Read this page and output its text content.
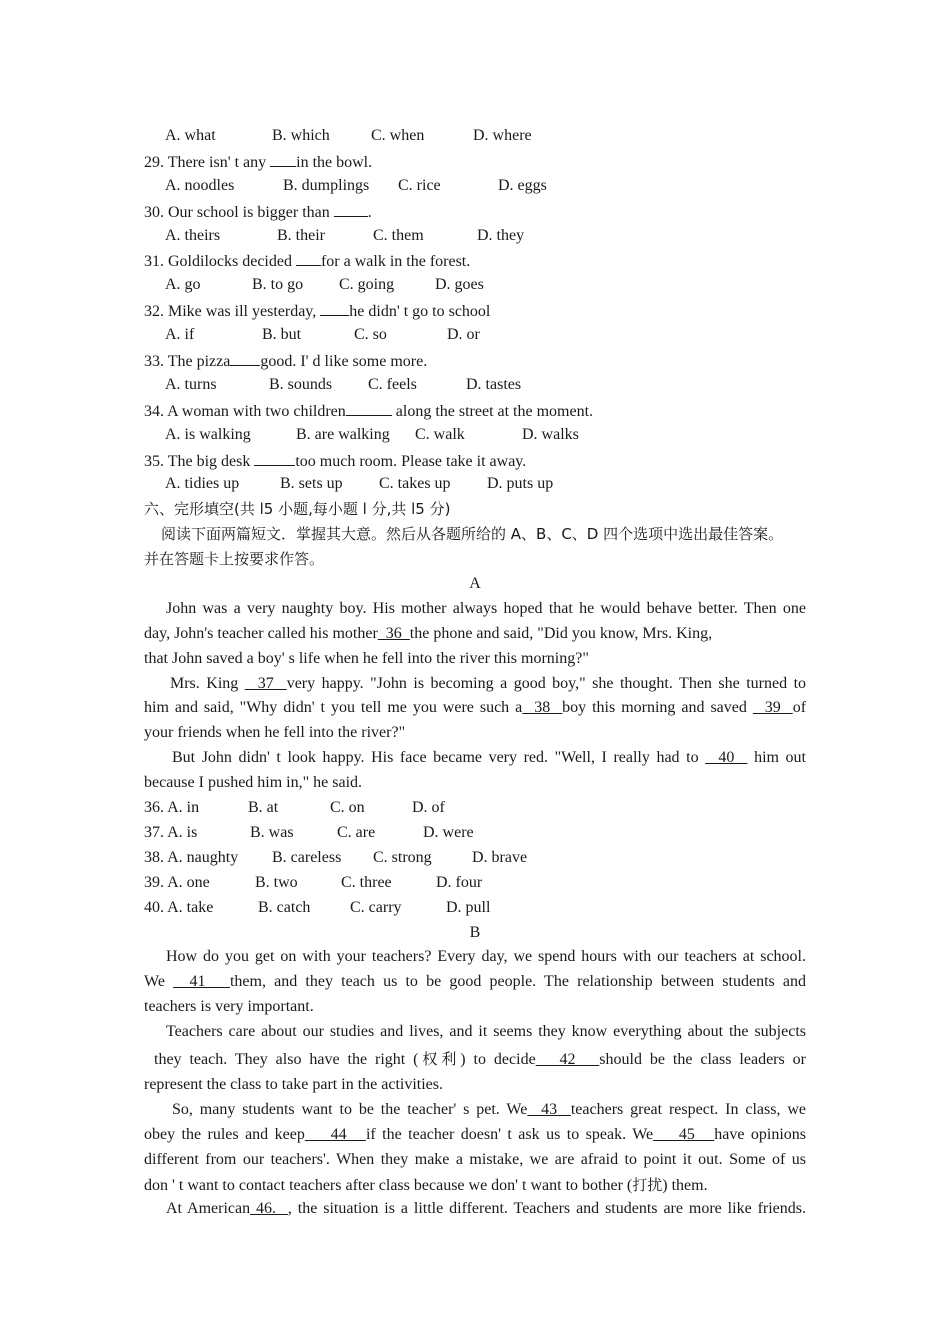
A. what	B. which	C. when	D. where
29. There isn' t any in the bowl.
A. noodles	B. dumplings C. rice	D. eggs
30. Our school is bigger than .
A. theirs	B. their	C. them	D. they
31. Goldilocks decided for a walk in the forest.
A. go	B. to go C. going	D. goes
32. Mike was ill yesterday, he didn' t go to school
A. if	B. but	C. so	D. or
33. The pizza good. I' d like some more.
A. turns	B. sounds C. feels	D. tastes
34. A woman with two children	along the street at the moment.
A. is walking	B. are walking C. walk	D. walks
35. The big desk	too much room. Please take it away.
A. tidies up	B. sets up C. takes up D. puts up
六、完形填空(共 l5 小题,每小题 l 分,共 l5 分)
阅读下面两篇短文．掌握其大意。然后从各题所给的 A、B、C、D 四个选项中选出最佳答案。
并在答题卡上按要求作答。
A
John was a very naughty boy. His mother always hoped that he would behave better. Then one
day, John's teacher called his mother  36  the phone and said, "Did you know, Mrs. King,
that John saved a boy' s life when he fell into the river this morning?"
Mrs. King   37  very happy. "John is becoming a good boy," she thought. Then she turned to
him and said, "Why didn' t you tell me you were such a  38  boy this morning and saved   39  of
your friends when he fell into the river?"
But John didn' t look happy. His face became very red. "Well, I really had to   40   him out
because I pushed him in," he said.
36. A. in	B. at	C. on	D. of
37. A. is	B. was	C. are	D. were
38. A. naughty B. careless C. strong	D. brave
39. A. one	B. two	C. three	D. four
40. A. take	B. catch C. carry	D. pull
B
How do you get on with your teachers? Every day, we spend hours with our teachers at school.
We   41   them, and they teach us to be good people. The relationship between students and
teachers is very important.
Teachers care about our studies and lives, and it seems they know everything about the subjects
they teach. They also have the right (权利) to decide   42   should be the class leaders or
represent the class to take part in the activities.
So, many students want to be the teacher' s pet. We  43  teachers great respect. In class, we
obey the rules and keep    44   if the teacher doesn' t ask us to speak. We    45   have opinions
different from our teachers'. When they make a mistake, we are afraid to point it out. Some of us
don ' t want to contact teachers after class because we don' t want to bother (打扰) them.
At American 46.  , the situation is a little different. Teachers and students are more like friends.
